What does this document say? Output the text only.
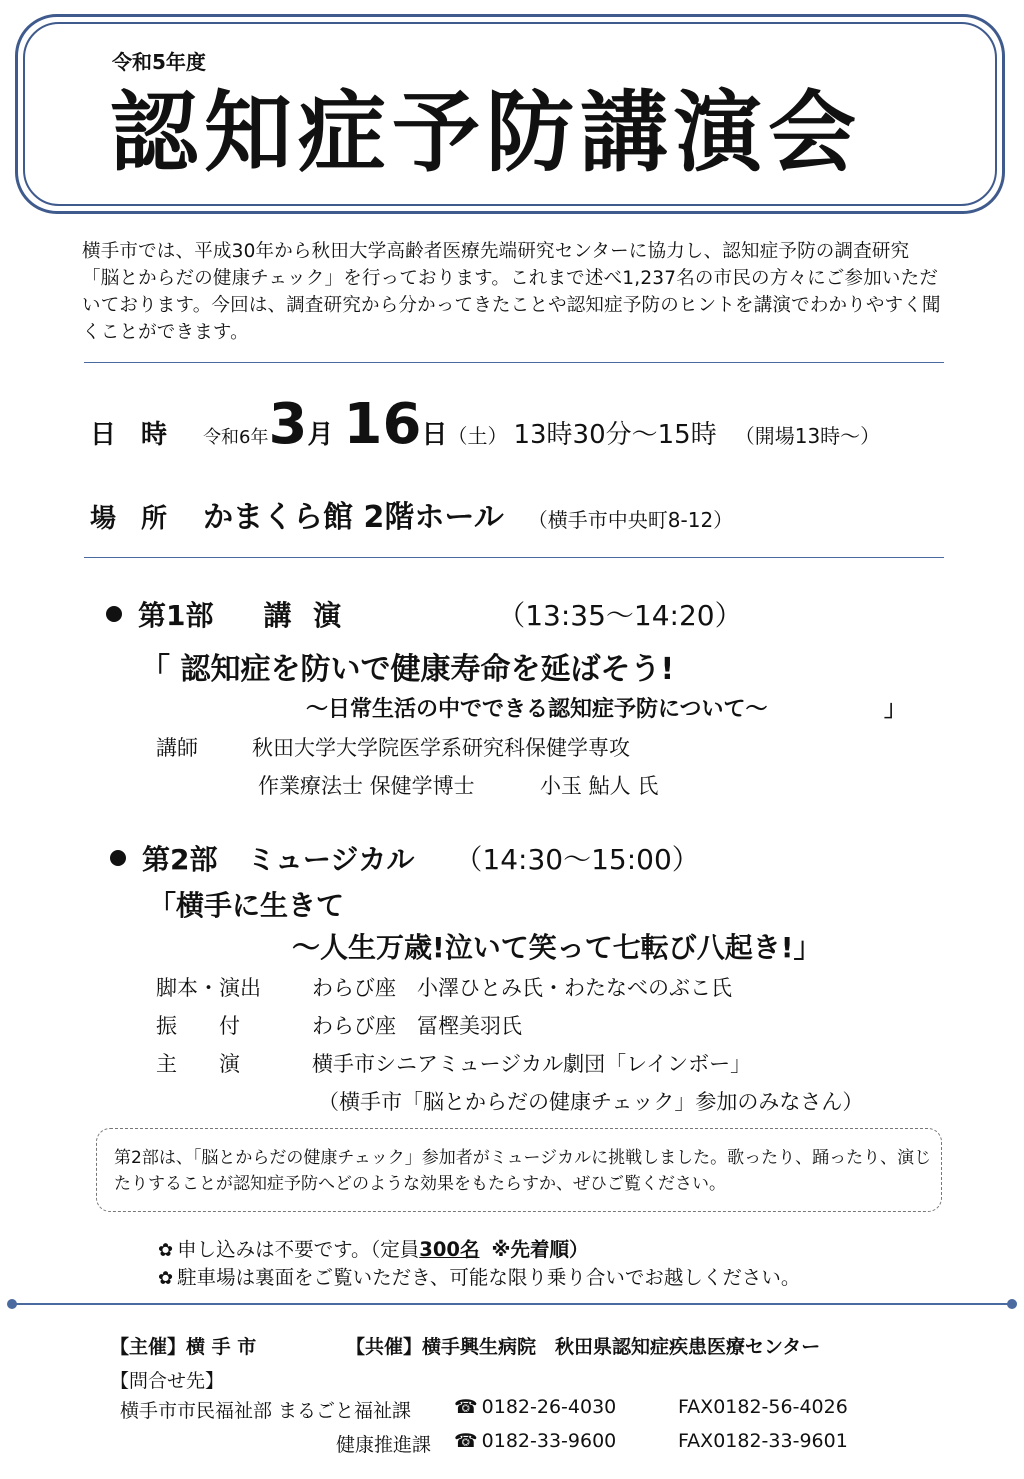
令和5年度
認知症予防講演会
横手市では、平成30年から秋田大学高齢者医療先端研究センターに協力し、認知症予防の調査研究「脳とからだの健康チェック」を行っております。これまで述べ1,237名の市民の方々にご参加いただいております。今回は、調査研究から分かってきたことや認知症予防のヒントを講演でわかりやすく聞くことができます。
日 時 令和6年 3 月 16 日 （土） 13時30分～15時 （開場13時～）
場 所 かまくら館 2階ホール （横手市中央町8-12）
第1部 講 演	（13:35～14:20）
「 認知症を防いで健康寿命を延ばそう!
～日常生活の中でできる認知症予防について～	」
講師	秋田大学大学院医学系研究科保健学専攻
作業療法士 保健学博士	小玉 鮎人 氏
第2部 ミュージカル （14:30～15:00）
「横手に生きて
～人生万歳!泣いて笑って七転び八起き!」
脚本・演出 わらび座　小澤ひとみ氏・わたなべのぶこ氏
振　　付	わらび座　冨樫美羽氏
主　　演	横手市シニアミュージカル劇団「レインボー」
（横手市「脳とからだの健康チェック」参加のみなさん）
第2部は、「脳とからだの健康チェック」参加者がミュージカルに挑戦しました。歌ったり、踊ったり、演じたりすることが認知症予防へどのような効果をもたらすか、ぜひご覧ください。
✿ 申し込みは不要です。（定員300名 ※先着順）
✿ 駐車場は裏面をご覧いただき、可能な限り乗り合いでお越しください。
【主催】横 手 市	【共催】横手興生病院　秋田県認知症疾患医療センター
【問合せ先】
横手市市民福祉部 まるごと福祉課 ☎ 0182-26-4030	FAX0182-56-4026
健康推進課 ☎ 0182-33-9600	FAX0182-33-9601
